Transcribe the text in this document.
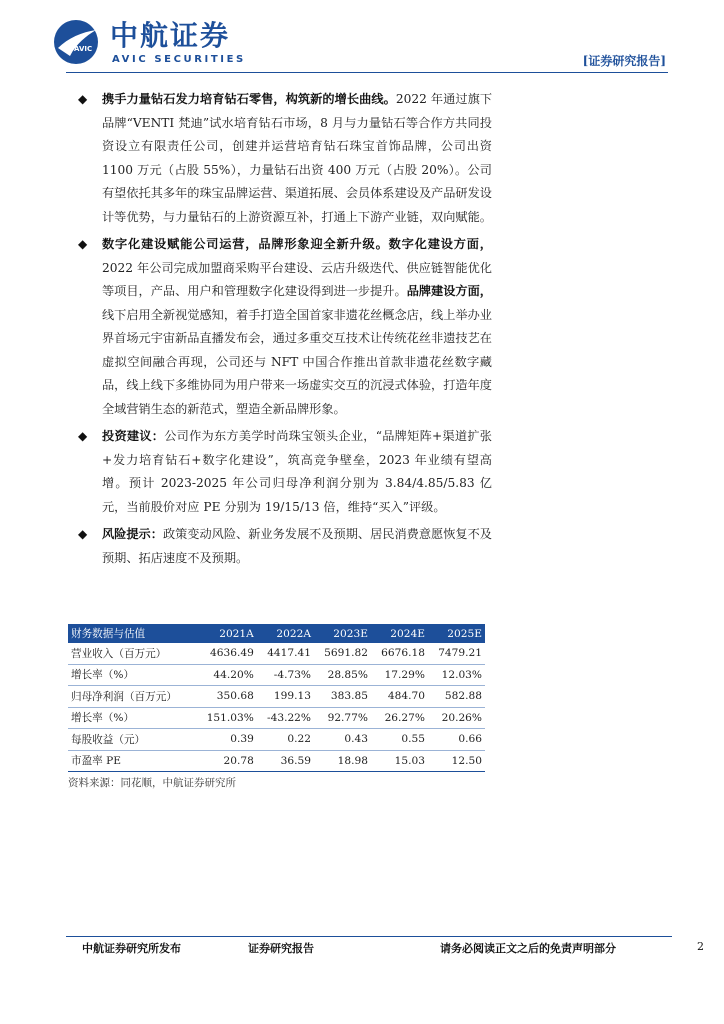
AVIC 中航证券
AVIC SECURITIES	[证券研究报告]
◆ 携手力量钻石发力培育钻石零售，构筑新的增长曲线。2022 年通过旗下品牌“VENTI 梵迪”试水培育钻石市场，8 月与力量钻石等合作方共同投资设立有限责任公司，创建并运营培育钻石珠宝首饰品牌，公司出资 1100 万元（占股 55%），力量钻石出资 400 万元（占股 20%）。公司有望依托其多年的珠宝品牌运营、渠道拓展、会员体系建设及产品研发设计等优势，与力量钻石的上游资源互补，打通上下游产业链，双向赋能。
◆ 数字化建设赋能公司运营，品牌形象迎全新升级。数字化建设方面，2022 年公司完成加盟商采购平台建设、云店升级迭代、供应链智能优化等项目，产品、用户和管理数字化建设得到进一步提升。品牌建设方面，线下启用全新视觉感知，着手打造全国首家非遗花丝概念店，线上举办业界首场元宇宙新品直播发布会，通过多重交互技术让传统花丝非遗技艺在虚拟空间融合再现，公司还与 NFT 中国合作推出首款非遗花丝数字藏品，线上线下多维协同为用户带来一场虚实交互的沉浸式体验，打造年度全域营销生态的新范式，塑造全新品牌形象。
◆ 投资建议：公司作为东方美学时尚珠宝领头企业，“品牌矩阵+渠道扩张+发力培育钻石+数字化建设”，筑高竞争壁垒，2023 年业绩有望高增。预计 2023-2025 年公司归母净利润分别为 3.84/4.85/5.83 亿元，当前股价对应 PE 分别为 19/15/13 倍，维持“买入”评级。
◆ 风险提示：政策变动风险、新业务发展不及预期、居民消费意愿恢复不及预期、拓店速度不及预期。
财务数据与估值	2021A	2022A	2023E	2024E	2025E
营业收入（百万元）	4636.49	4417.41	5691.82	6676.18	7479.21
增长率（%）	44.20%	-4.73%	28.85%	17.29%	12.03%
归母净利润（百万元）	350.68	199.13	383.85	484.70	582.88
增长率（%）	151.03%	-43.22%	92.77%	26.27%	20.26%
每股收益（元）	0.39	0.22	0.43	0.55	0.66
市盈率 PE	20.78	36.59	18.98	15.03	12.50
资料来源：同花顺，中航证券研究所
中航证券研究所发布	证券研究报告	请务必阅读正文之后的免责声明部分	2
